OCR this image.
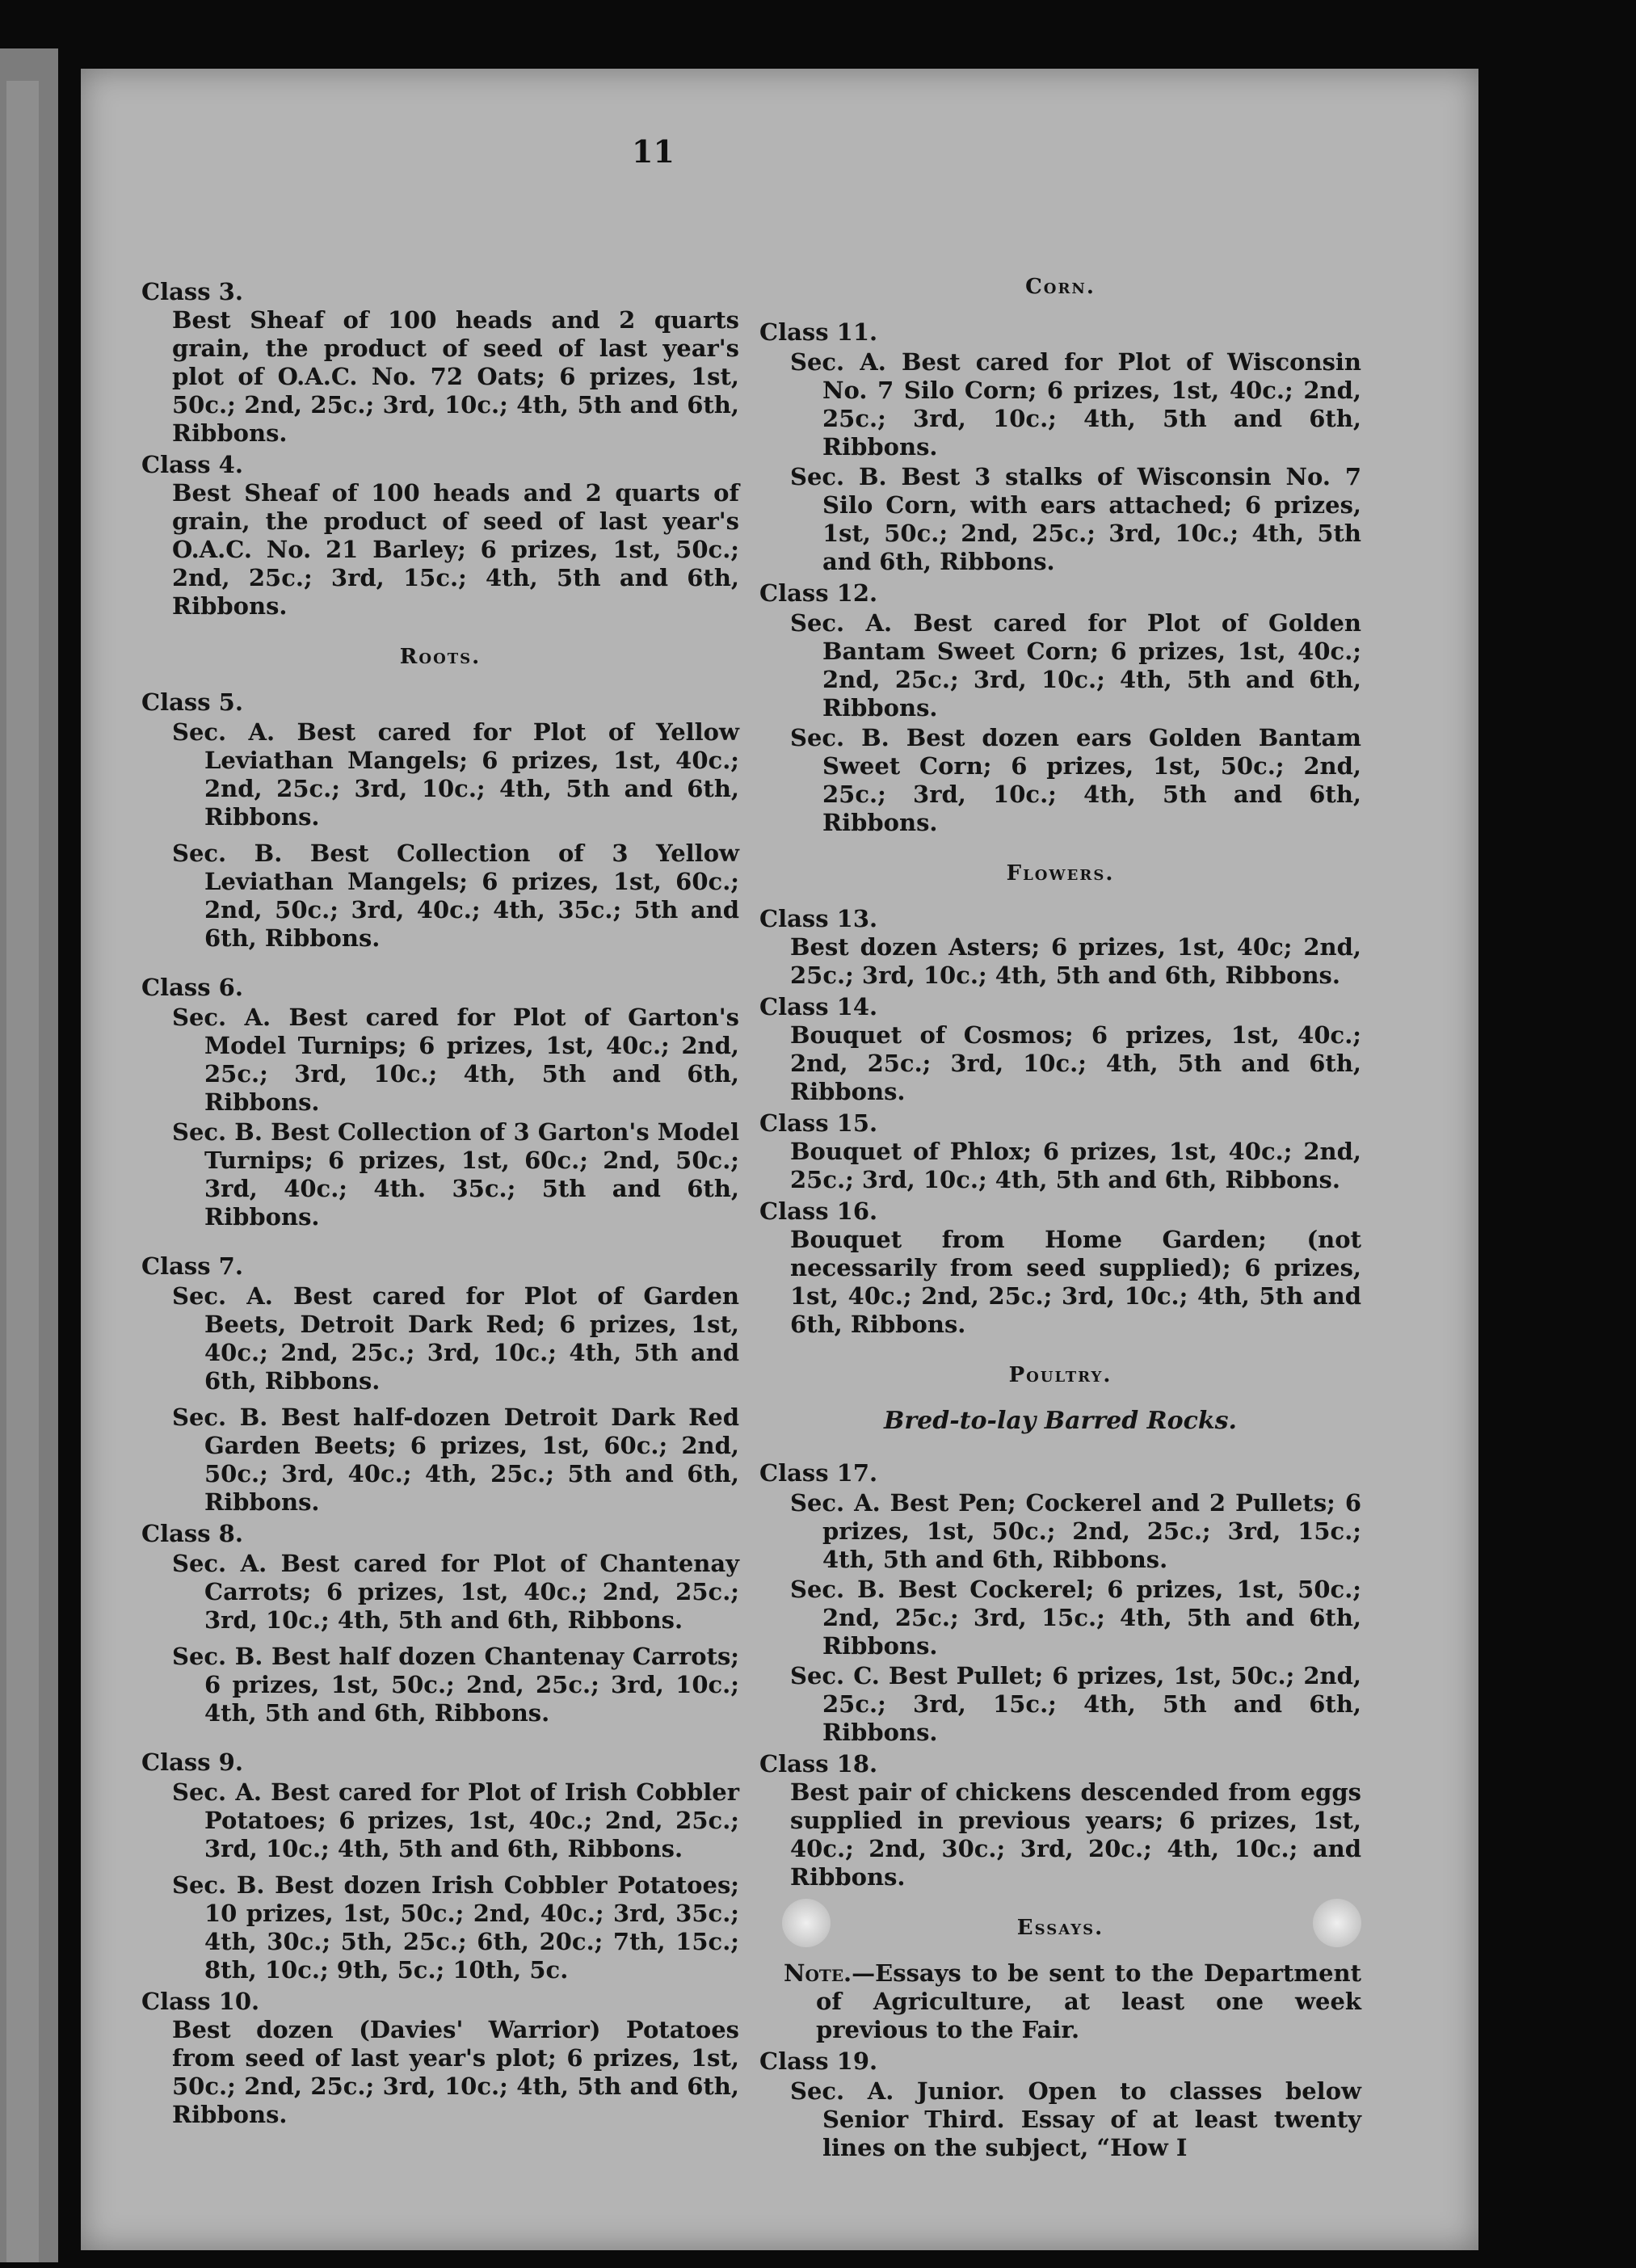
11
Class 3.
Best Sheaf of 100 heads and 2 quarts grain, the product of seed of last year's plot of O.A.C. No. 72 Oats; 6 prizes, 1st, 50c.; 2nd, 25c.; 3rd, 10c.; 4th, 5th and 6th, Ribbons.
Class 4.
Best Sheaf of 100 heads and 2 quarts of grain, the product of seed of last year's O.A.C. No. 21 Barley; 6 prizes, 1st, 50c.; 2nd, 25c.; 3rd, 15c.; 4th, 5th and 6th, Ribbons.
Roots.
Class 5.
Sec. A. Best cared for Plot of Yellow Leviathan Mangels; 6 prizes, 1st, 40c.; 2nd, 25c.; 3rd, 10c.; 4th, 5th and 6th, Ribbons.
Sec. B. Best Collection of 3 Yellow Leviathan Mangels; 6 prizes, 1st, 60c.; 2nd, 50c.; 3rd, 40c.; 4th, 35c.; 5th and 6th, Ribbons.
Class 6.
Sec. A. Best cared for Plot of Garton's Model Turnips; 6 prizes, 1st, 40c.; 2nd, 25c.; 3rd, 10c.; 4th, 5th and 6th, Ribbons.
Sec. B. Best Collection of 3 Garton's Model Turnips; 6 prizes, 1st, 60c.; 2nd, 50c.; 3rd, 40c.; 4th. 35c.; 5th and 6th, Ribbons.
Class 7.
Sec. A. Best cared for Plot of Garden Beets, Detroit Dark Red; 6 prizes, 1st, 40c.; 2nd, 25c.; 3rd, 10c.; 4th, 5th and 6th, Ribbons.
Sec. B. Best half-dozen Detroit Dark Red Garden Beets; 6 prizes, 1st, 60c.; 2nd, 50c.; 3rd, 40c.; 4th, 25c.; 5th and 6th, Ribbons.
Class 8.
Sec. A. Best cared for Plot of Chantenay Carrots; 6 prizes, 1st, 40c.; 2nd, 25c.; 3rd, 10c.; 4th, 5th and 6th, Ribbons.
Sec. B. Best half dozen Chantenay Carrots; 6 prizes, 1st, 50c.; 2nd, 25c.; 3rd, 10c.; 4th, 5th and 6th, Ribbons.
Class 9.
Sec. A. Best cared for Plot of Irish Cobbler Potatoes; 6 prizes, 1st, 40c.; 2nd, 25c.; 3rd, 10c.; 4th, 5th and 6th, Ribbons.
Sec. B. Best dozen Irish Cobbler Potatoes; 10 prizes, 1st, 50c.; 2nd, 40c.; 3rd, 35c.; 4th, 30c.; 5th, 25c.; 6th, 20c.; 7th, 15c.; 8th, 10c.; 9th, 5c.; 10th, 5c.
Class 10.
Best dozen (Davies' Warrior) Potatoes from seed of last year's plot; 6 prizes, 1st, 50c.; 2nd, 25c.; 3rd, 10c.; 4th, 5th and 6th, Ribbons.
Corn.
Class 11.
Sec. A. Best cared for Plot of Wisconsin No. 7 Silo Corn; 6 prizes, 1st, 40c.; 2nd, 25c.; 3rd, 10c.; 4th, 5th and 6th, Ribbons.
Sec. B. Best 3 stalks of Wisconsin No. 7 Silo Corn, with ears attached; 6 prizes, 1st, 50c.; 2nd, 25c.; 3rd, 10c.; 4th, 5th and 6th, Ribbons.
Class 12.
Sec. A. Best cared for Plot of Golden Bantam Sweet Corn; 6 prizes, 1st, 40c.; 2nd, 25c.; 3rd, 10c.; 4th, 5th and 6th, Ribbons.
Sec. B. Best dozen ears Golden Bantam Sweet Corn; 6 prizes, 1st, 50c.; 2nd, 25c.; 3rd, 10c.; 4th, 5th and 6th, Ribbons.
Flowers.
Class 13.
Best dozen Asters; 6 prizes, 1st, 40c; 2nd, 25c.; 3rd, 10c.; 4th, 5th and 6th, Ribbons.
Class 14.
Bouquet of Cosmos; 6 prizes, 1st, 40c.; 2nd, 25c.; 3rd, 10c.; 4th, 5th and 6th, Ribbons.
Class 15.
Bouquet of Phlox; 6 prizes, 1st, 40c.; 2nd, 25c.; 3rd, 10c.; 4th, 5th and 6th, Ribbons.
Class 16.
Bouquet from Home Garden; (not necessarily from seed supplied); 6 prizes, 1st, 40c.; 2nd, 25c.; 3rd, 10c.; 4th, 5th and 6th, Ribbons.
Poultry.
Bred-to-lay Barred Rocks.
Class 17.
Sec. A. Best Pen; Cockerel and 2 Pullets; 6 prizes, 1st, 50c.; 2nd, 25c.; 3rd, 15c.; 4th, 5th and 6th, Ribbons.
Sec. B. Best Cockerel; 6 prizes, 1st, 50c.; 2nd, 25c.; 3rd, 15c.; 4th, 5th and 6th, Ribbons.
Sec. C. Best Pullet; 6 prizes, 1st, 50c.; 2nd, 25c.; 3rd, 15c.; 4th, 5th and 6th, Ribbons.
Class 18.
Best pair of chickens descended from eggs supplied in previous years; 6 prizes, 1st, 40c.; 2nd, 30c.; 3rd, 20c.; 4th, 10c.; and Ribbons.
Essays.
Note.—Essays to be sent to the Department of Agriculture, at least one week previous to the Fair.
Class 19.
Sec. A. Junior. Open to classes below Senior Third. Essay of at least twenty lines on the subject, “How I
